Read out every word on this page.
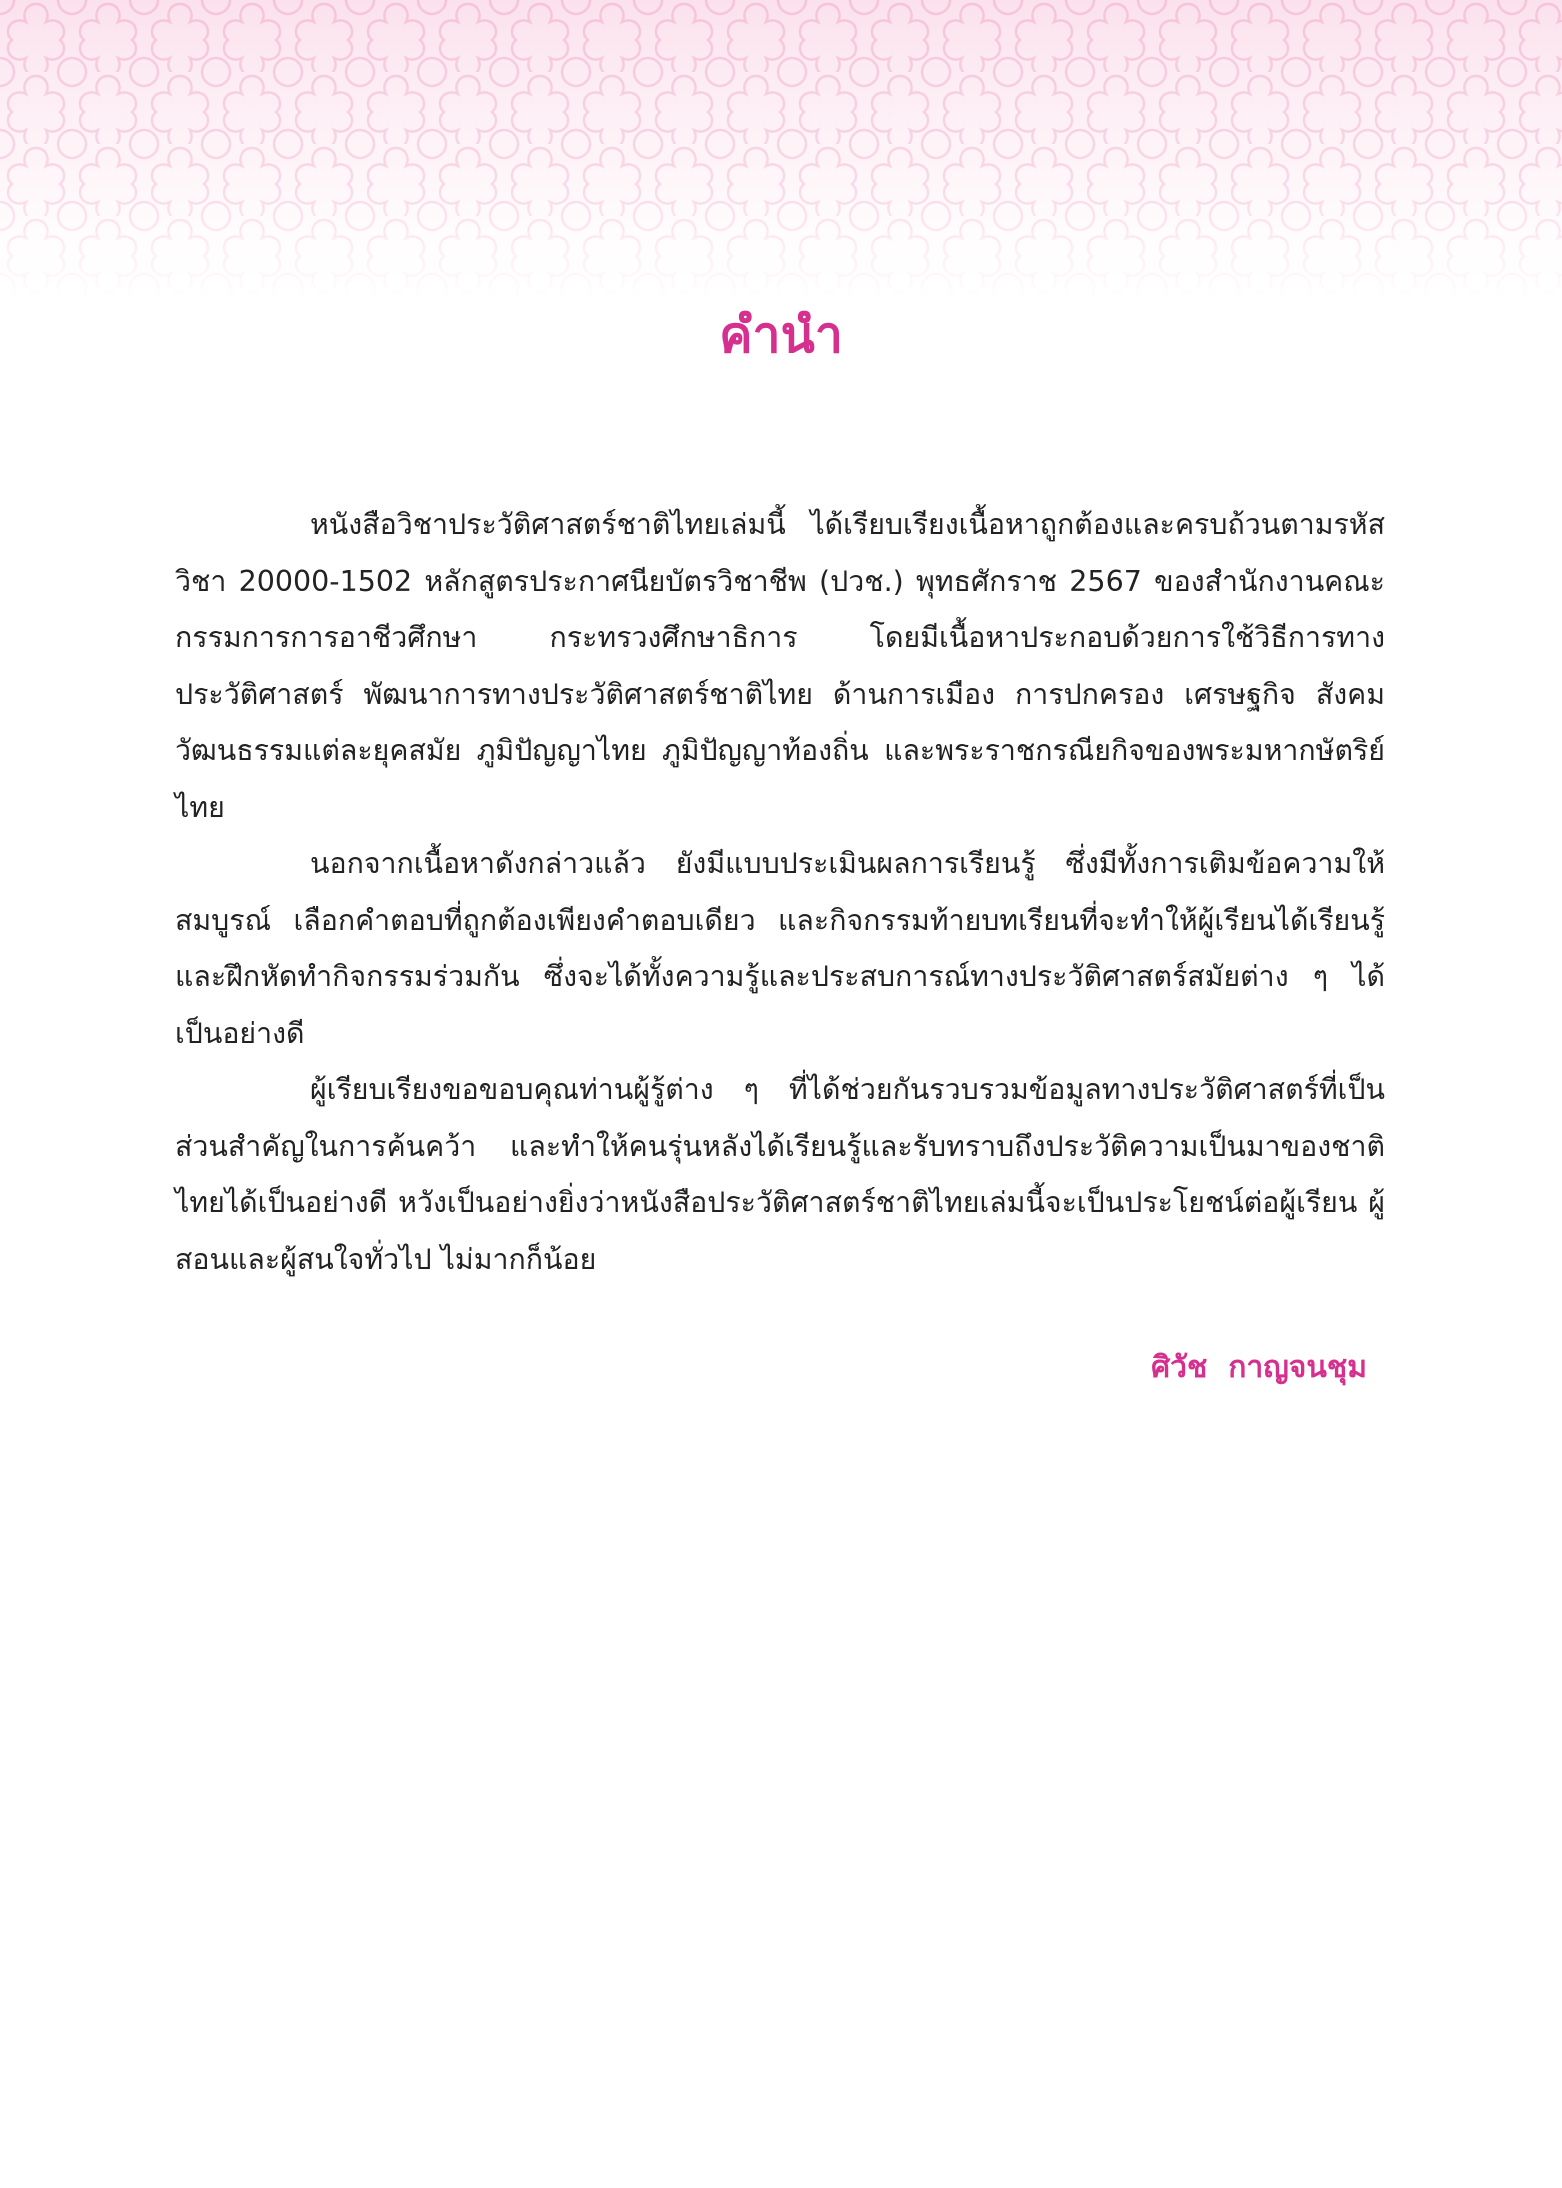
คำนำ

หนังสือวิชาประวัติศาสตร์ชาติไทยเล่มนี้ ได้เรียบเรียงเนื้อหาถูกต้องและครบถ้วนตามรหัสวิชา 20000-1502 หลักสูตรประกาศนียบัตรวิชาชีพ (ปวช.) พุทธศักราช 2567 ของสำนักงานคณะกรรมการการอาชีวศึกษา กระทรวงศึกษาธิการ โดยมีเนื้อหาประกอบด้วยการใช้วิธีการทางประวัติศาสตร์ พัฒนาการทางประวัติศาสตร์ชาติไทย ด้านการเมือง การปกครอง เศรษฐกิจ สังคม วัฒนธรรมแต่ละยุคสมัย ภูมิปัญญาไทย ภูมิปัญญาท้องถิ่น และพระราชกรณียกิจของพระมหากษัตริย์ไทย

นอกจากเนื้อหาดังกล่าวแล้ว ยังมีแบบประเมินผลการเรียนรู้ ซึ่งมีทั้งการเติมข้อความให้สมบูรณ์ เลือกคำตอบที่ถูกต้องเพียงคำตอบเดียว และกิจกรรมท้ายบทเรียนที่จะทำให้ผู้เรียนได้เรียนรู้และฝึกหัดทำกิจกรรมร่วมกัน ซึ่งจะได้ทั้งความรู้และประสบการณ์ทางประวัติศาสตร์สมัยต่าง ๆ ได้เป็นอย่างดี

ผู้เรียบเรียงขอขอบคุณท่านผู้รู้ต่าง ๆ ที่ได้ช่วยกันรวบรวมข้อมูลทางประวัติศาสตร์ที่เป็นส่วนสำคัญในการค้นคว้า และทำให้คนรุ่นหลังได้เรียนรู้และรับทราบถึงประวัติความเป็นมาของชาติไทยได้เป็นอย่างดี หวังเป็นอย่างยิ่งว่าหนังสือประวัติศาสตร์ชาติไทยเล่มนี้จะเป็นประโยชน์ต่อผู้เรียน ผู้สอนและผู้สนใจทั่วไป ไม่มากก็น้อย

ศิวัช  กาญจนชุม
